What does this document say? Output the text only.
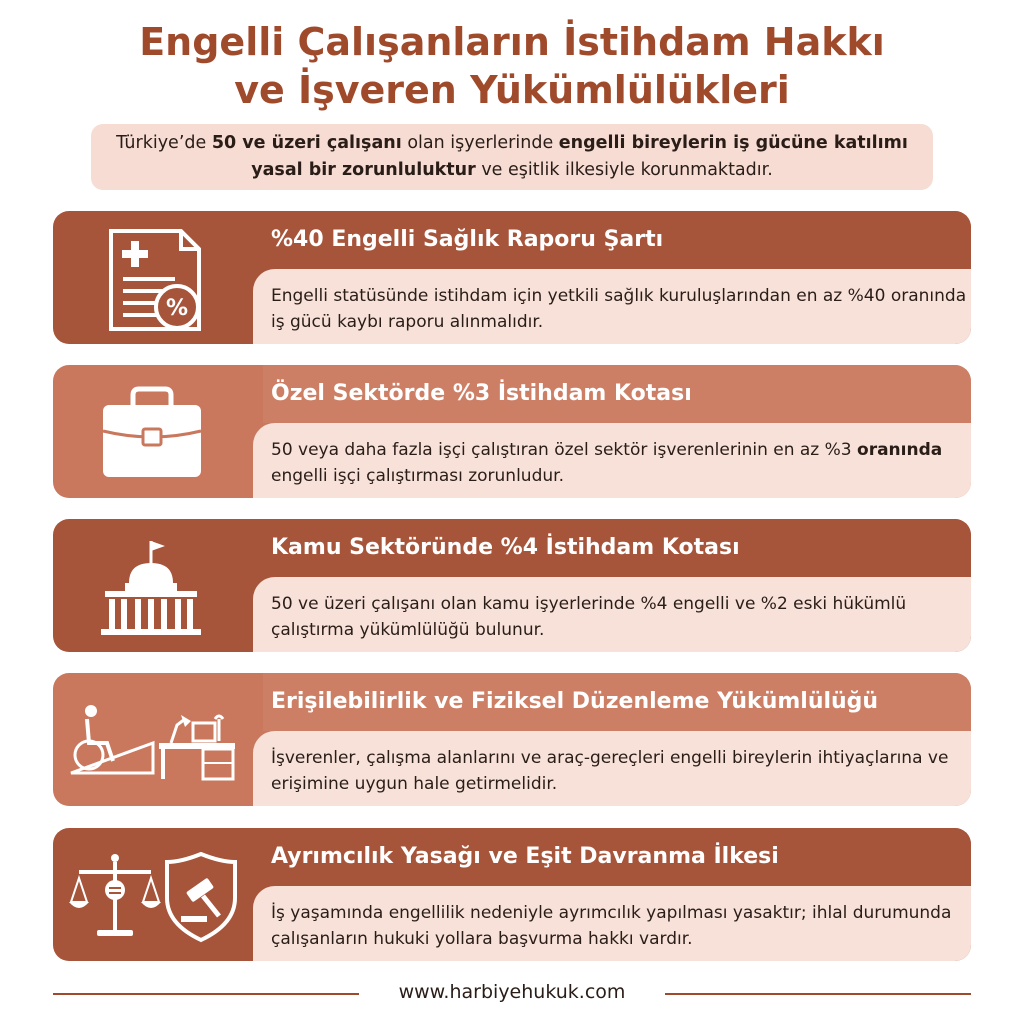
Engelli Çalışanların İstihdam Hakkı
ve İşveren Yükümlülükleri
Türkiye’de 50 ve üzeri çalışanı olan işyerlerinde engelli bireylerin iş gücüne katılımı yasal bir zorunluluktur ve eşitlik ilkesiyle korunmaktadır.
%
%40 Engelli Sağlık Raporu Şartı
Engelli statüsünde istihdam için yetkili sağlık kuruluşlarından en az %40 oranında iş gücü kaybı raporu alınmalıdır.
Özel Sektörde %3 İstihdam Kotası
50 veya daha fazla işçi çalıştıran özel sektör işverenlerinin en az %3 oranında engelli işçi çalıştırması zorunludur.
Kamu Sektöründe %4 İstihdam Kotası
50 ve üzeri çalışanı olan kamu işyerlerinde %4 engelli ve %2 eski hükümlü çalıştırma yükümlülüğü bulunur.
Erişilebilirlik ve Fiziksel Düzenleme Yükümlülüğü
İşverenler, çalışma alanlarını ve araç-gereçleri engelli bireylerin ihtiyaçlarına ve erişimine uygun hale getirmelidir.
Ayrımcılık Yasağı ve Eşit Davranma İlkesi
İş yaşamında engellilik nedeniyle ayrımcılık yapılması yasaktır; ihlal durumunda çalışanların hukuki yollara başvurma hakkı vardır.
www.harbiyehukuk.com
